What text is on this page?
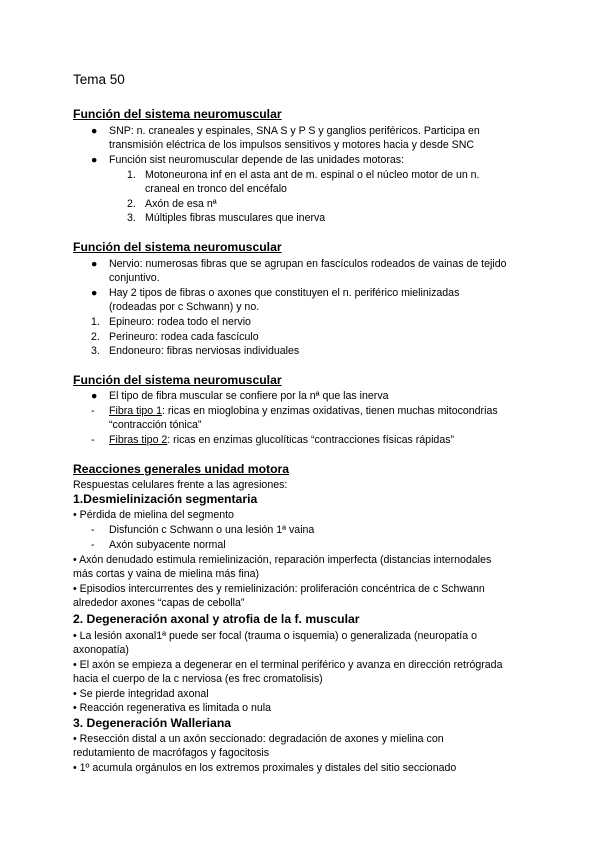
Tema 50
Función del sistema neuromuscular
● SNP: n. craneales y espinales, SNA S y P S y ganglios periféricos. Participa en
transmisión eléctrica de los impulsos sensitivos y motores hacia y desde SNC
● Función sist neuromuscular depende de las unidades motoras:
1. Motoneurona inf en el asta ant de m. espinal o el núcleo motor de un n.
craneal en tronco del encéfalo
2. Axón de esa nª
3. Múltiples fibras musculares que inerva
Función del sistema neuromuscular
● Nervio: numerosas fibras que se agrupan en fascículos rodeados de vainas de tejido
conjuntivo.
● Hay 2 tipos de fibras o axones que constituyen el n. periférico mielinizadas
(rodeadas por c Schwann) y no.
1. Epineuro: rodea todo el nervio
2. Perineuro: rodea cada fascículo
3. Endoneuro: fibras nerviosas individuales
Función del sistema neuromuscular
● El tipo de fibra muscular se confiere por la nª que las inerva
- Fibra tipo 1: ricas en mioglobina y enzimas oxidativas, tienen muchas mitocondrias
“contracción tónica”
- Fibras tipo 2: ricas en enzimas glucolíticas “contracciones físicas rápidas”
Reacciones generales unidad motora
Respuestas celulares frente a las agresiones:
1.Desmielinización segmentaria
• Pérdida de mielina del segmento
- Disfunción c Schwann o una lesión 1ª vaina
- Axón subyacente normal
• Axón denudado estimula remielinización, reparación imperfecta (distancias internodales
más cortas y vaina de mielina más fina)
• Episodios intercurrentes des y remielinización: proliferación concéntrica de c Schwann
alrededor axones “capas de cebolla”
2. Degeneración axonal y atrofia de la f. muscular
• La lesión axonal1ª puede ser focal (trauma o isquemia) o generalizada (neuropatía o
axonopatía)
• El axón se empieza a degenerar en el terminal periférico y avanza en dirección retrógrada
hacia el cuerpo de la c nerviosa (es frec cromatolisis)
• Se pierde integridad axonal
• Reacción regenerativa es limitada o nula
3. Degeneración Walleriana
• Resección distal a un axón seccionado: degradación de axones y mielina con
redutamiento de macrófagos y fagocitosis
• 1º acumula orgánulos en los extremos proximales y distales del sitio seccionado
